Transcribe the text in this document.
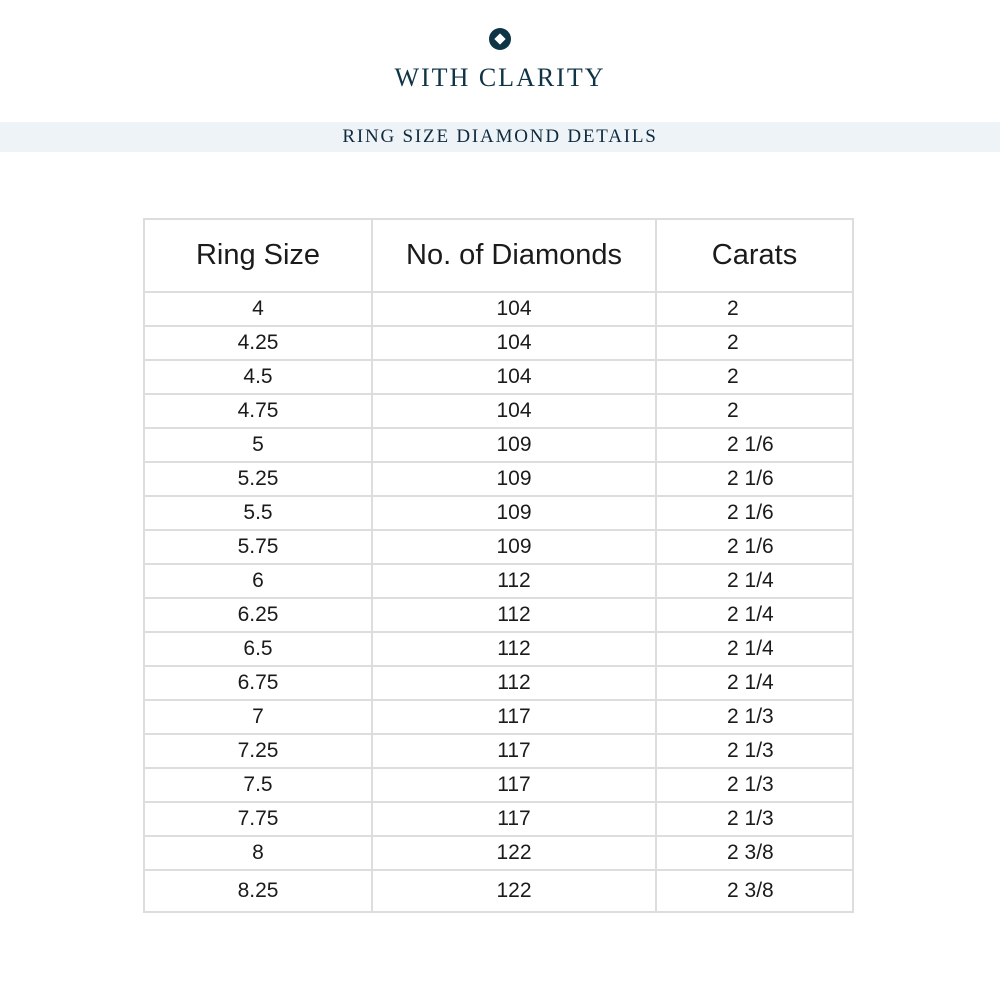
WITH CLARITY
RING SIZE DIAMOND DETAILS
Ring Size	No. of Diamonds	Carats
4	104	2
4.25	104	2
4.5	104	2
4.75	104	2
5	109	2 1/6
5.25	109	2 1/6
5.5	109	2 1/6
5.75	109	2 1/6
6	112	2 1/4
6.25	112	2 1/4
6.5	112	2 1/4
6.75	112	2 1/4
7	117	2 1/3
7.25	117	2 1/3
7.5	117	2 1/3
7.75	117	2 1/3
8	122	2 3/8
8.25	122	2 3/8
